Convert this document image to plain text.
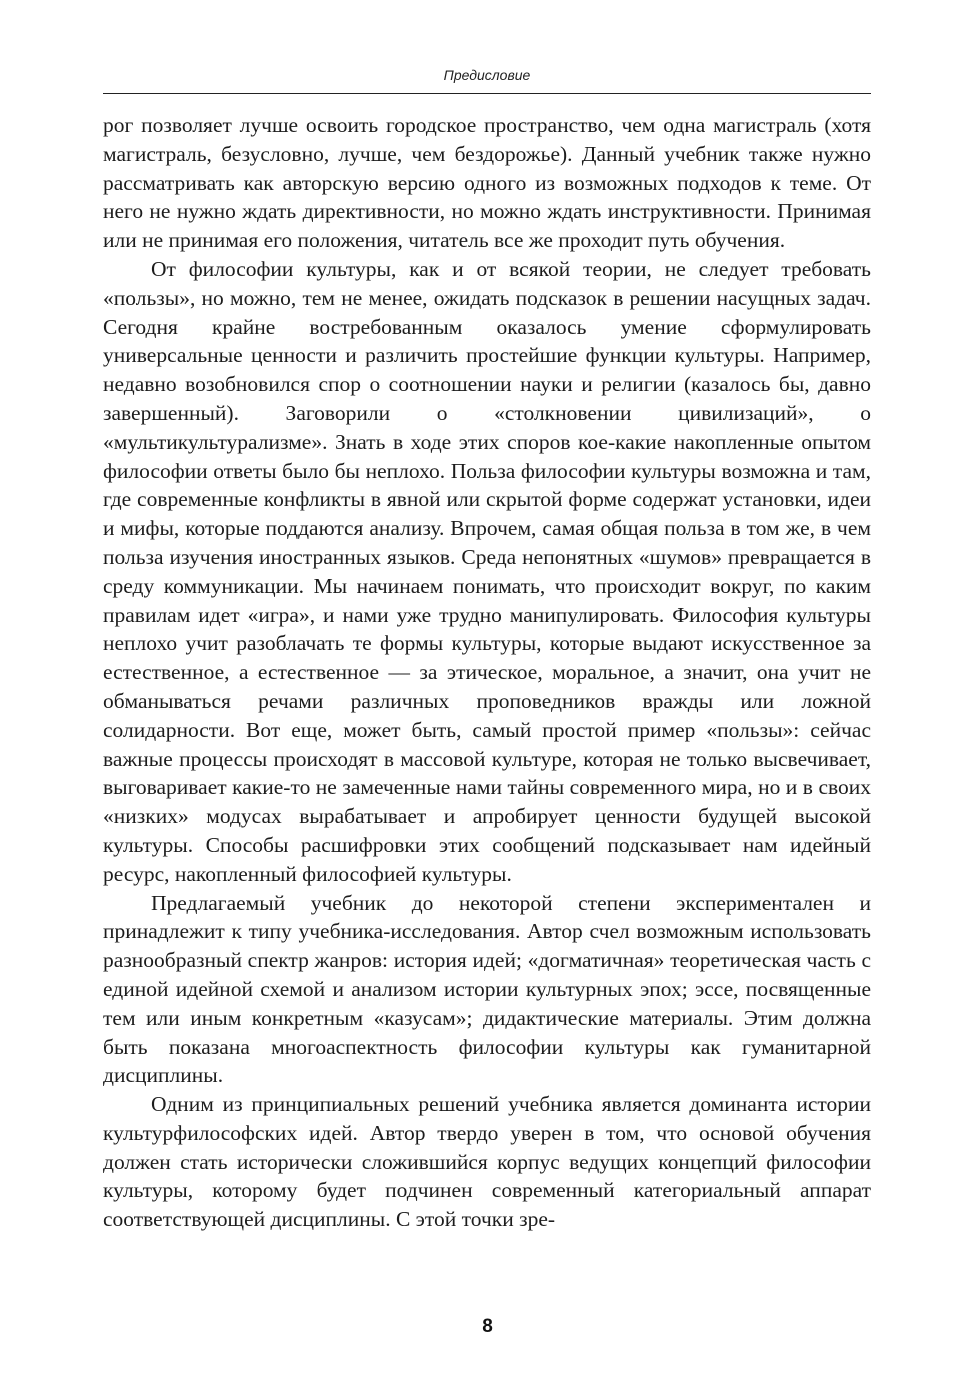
Предисловие

рог позволяет лучше освоить городское пространство, чем одна магистраль (хотя магистраль, безусловно, лучше, чем бездорожье). Данный учебник также нужно рассматривать как авторскую версию одного из возможных подходов к теме. От него не нужно ждать директивности, но можно ждать инструктивности. Принимая или не принимая его положения, читатель все же проходит путь обучения.

От философии культуры, как и от всякой теории, не следует требовать «пользы», но можно, тем не менее, ожидать подсказок в решении насущных задач. Сегодня крайне востребованным оказалось умение сформулировать универсальные ценности и различить простейшие функции культуры. Например, недавно возобновился спор о соотношении науки и религии (казалось бы, давно завершенный). Заговорили о «столкновении цивилизаций», о «мультикультурализме». Знать в ходе этих споров кое-какие накопленные опытом философии ответы было бы неплохо. Польза философии культуры возможна и там, где современные конфликты в явной или скрытой форме содержат установки, идеи и мифы, которые поддаются анализу. Впрочем, самая общая польза в том же, в чем польза изучения иностранных языков. Среда непонятных «шумов» превращается в среду коммуникации. Мы начинаем понимать, что происходит вокруг, по каким правилам идет «игра», и нами уже трудно манипулировать. Философия культуры неплохо учит разоблачать те формы культуры, которые выдают искусственное за естественное, а естественное — за этическое, моральное, а значит, она учит не обманываться речами различных проповедников вражды или ложной солидарности. Вот еще, может быть, самый простой пример «пользы»: сейчас важные процессы происходят в массовой культуре, которая не только высвечивает, выговаривает какие-то не замеченные нами тайны современного мира, но и в своих «низких» модусах вырабатывает и апробирует ценности будущей высокой культуры. Способы расшифровки этих сообщений подсказывает нам идейный ресурс, накопленный философией культуры.

Предлагаемый учебник до некоторой степени экспериментален и принадлежит к типу учебника-исследования. Автор счел возможным использовать разнообразный спектр жанров: история идей; «догматичная» теоретическая часть с единой идейной схемой и анализом истории культурных эпох; эссе, посвященные тем или иным конкретным «казусам»; дидактические материалы. Этим должна быть показана многоаспектность философии культуры как гуманитарной дисциплины.

Одним из принципиальных решений учебника является доминанта истории культурфилософских идей. Автор твердо уверен в том, что основой обучения должен стать исторически сложившийся корпус ведущих концепций философии культуры, которому будет подчинен современный категориальный аппарат соответствующей дисциплины. С этой точки зре-

8
